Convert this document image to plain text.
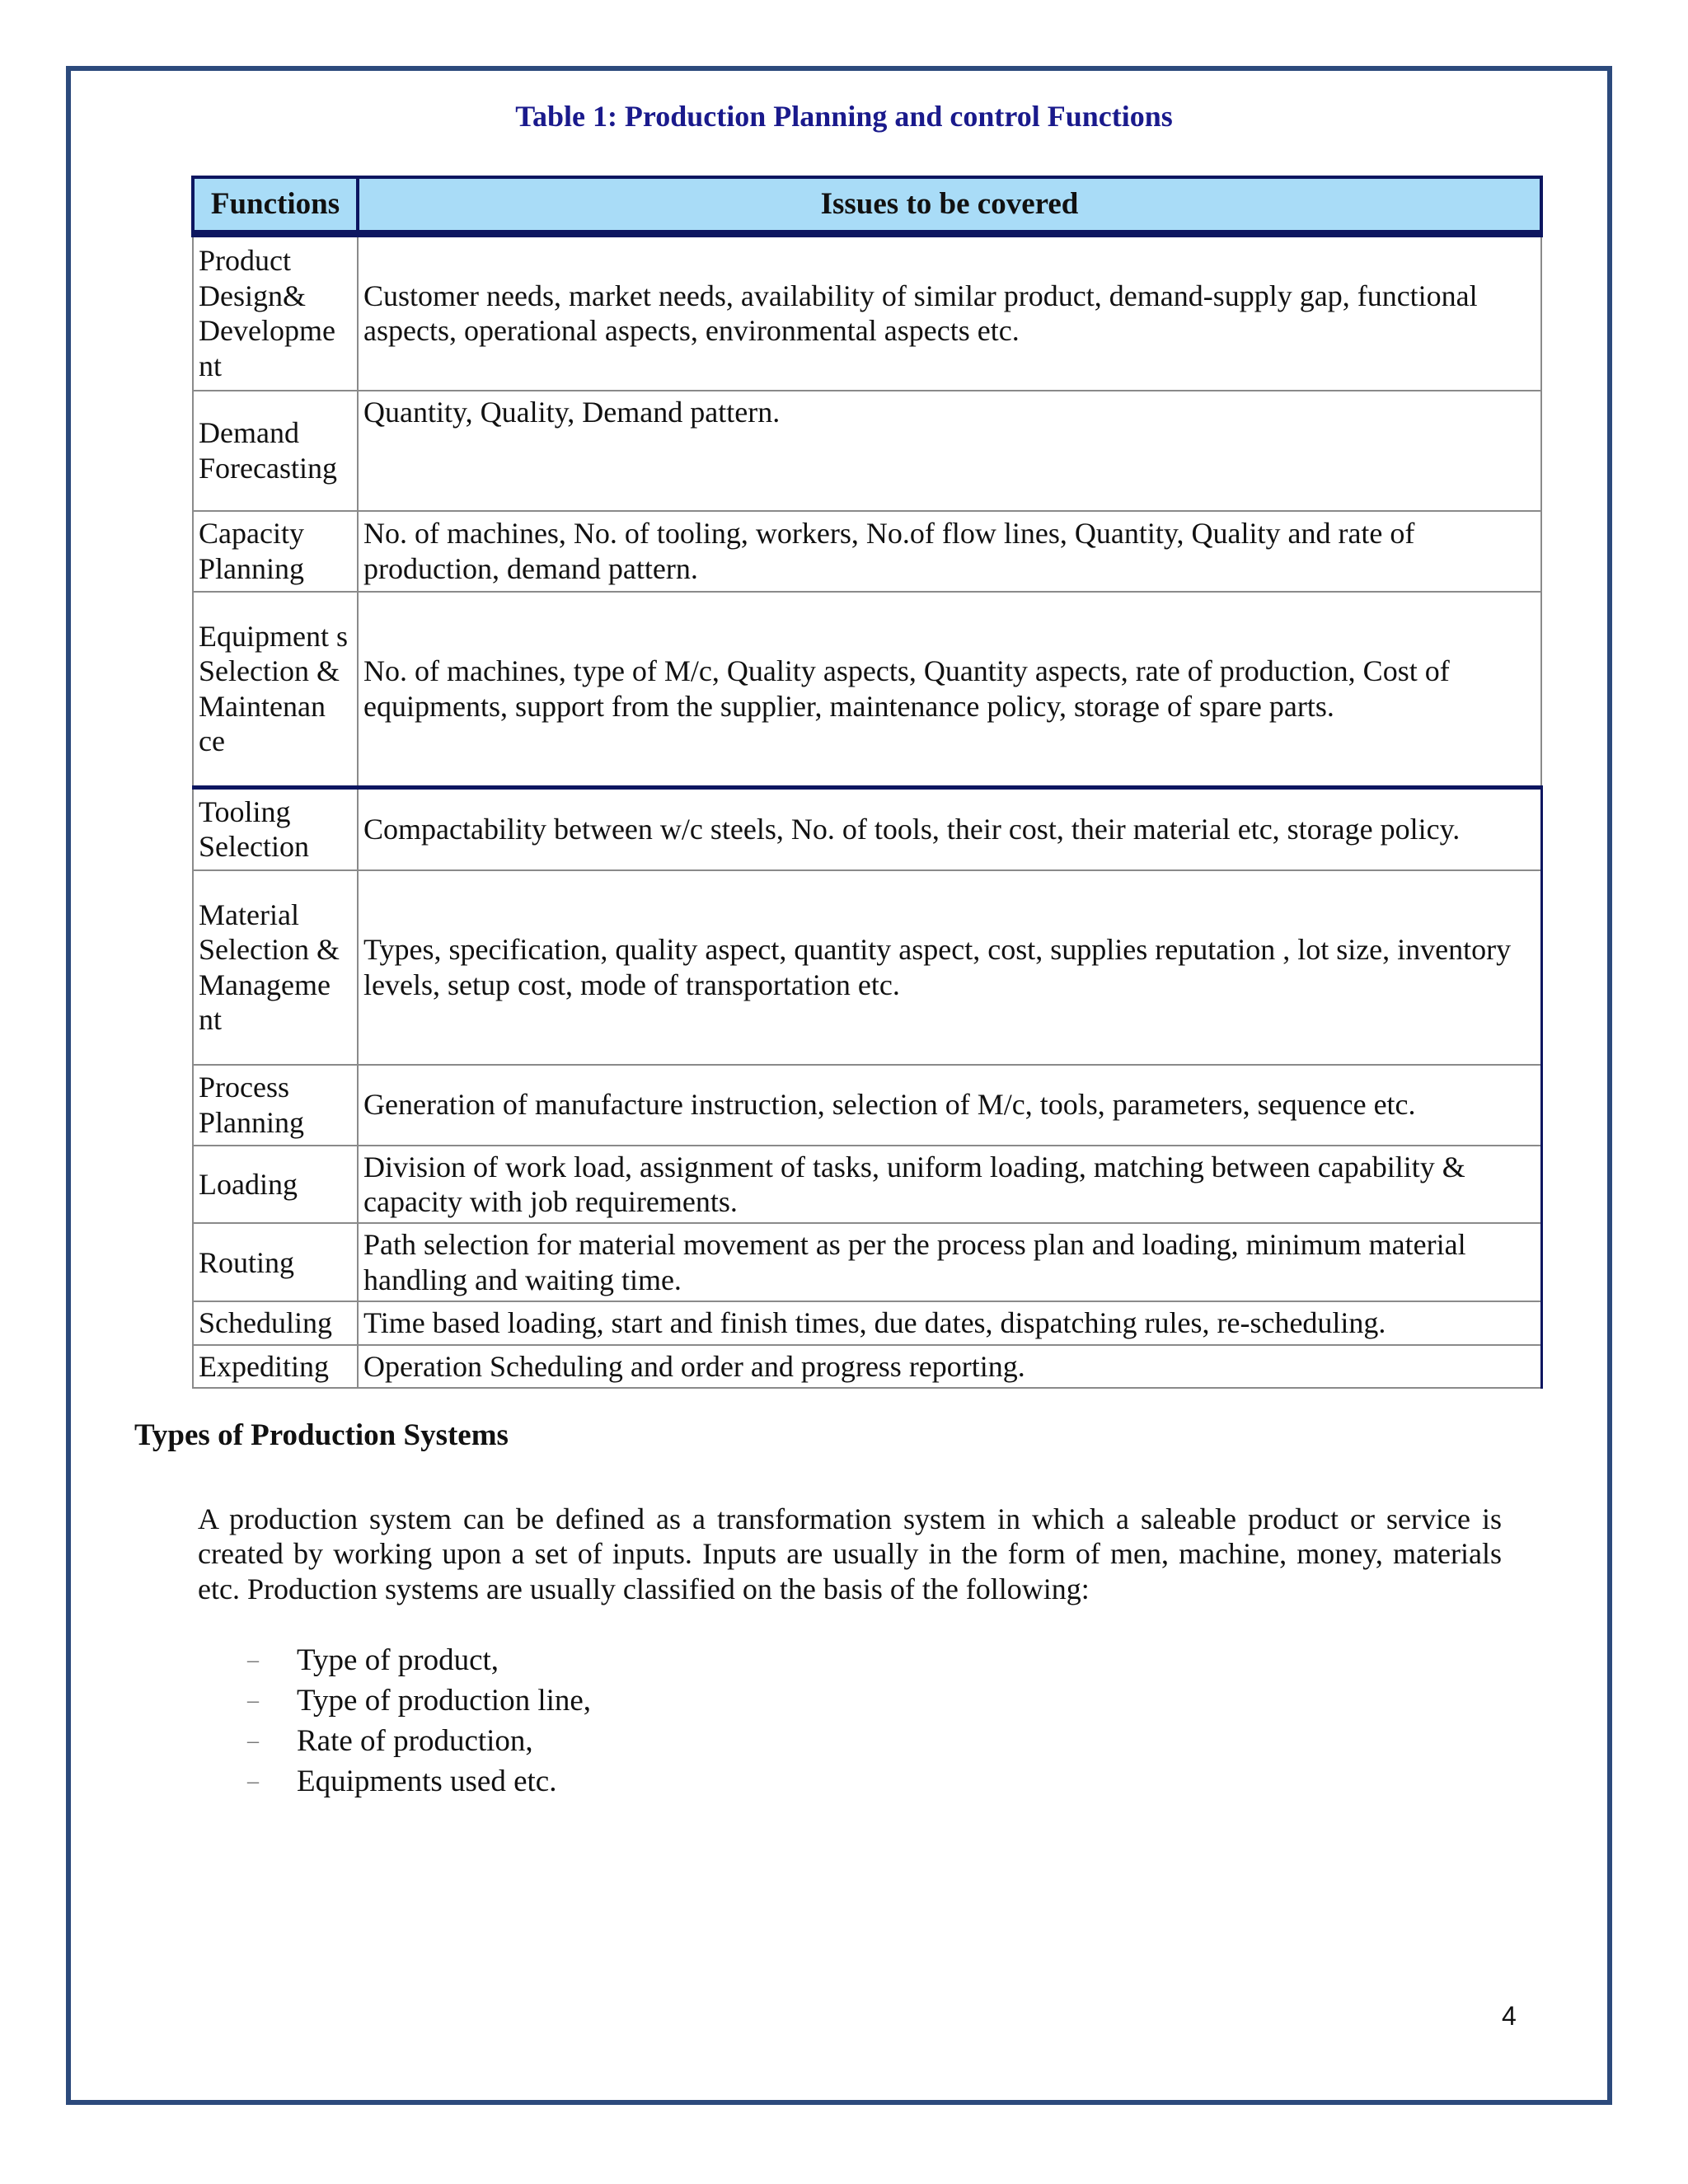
Table 1: Production Planning and control Functions
Functions	Issues to be covered
Product Design& Developme nt	Customer needs, market needs, availability of similar product, demand-supply gap, functional aspects, operational aspects, environmental aspects etc.
Demand Forecasting	Quantity, Quality, Demand pattern.
Capacity Planning	No. of machines, No. of tooling, workers, No.of flow lines, Quantity, Quality and rate of production, demand pattern.
Equipment s Selection & Maintenan ce	No. of machines, type of M/c, Quality aspects, Quantity aspects, rate of production, Cost of equipments, support from the supplier, maintenance policy, storage of spare parts.
Tooling Selection	Compactability between w/c steels, No. of tools, their cost, their material etc, storage policy.
Material Selection & Manageme nt	Types, specification, quality aspect, quantity aspect, cost, supplies reputation , lot size, inventory levels, setup cost, mode of transportation etc.
Process Planning	Generation of manufacture instruction, selection of M/c, tools, parameters, sequence etc.
Loading	Division of work load, assignment of tasks, uniform loading, matching between capability & capacity with job requirements.
Routing	Path selection for material movement as per the process plan and loading, minimum material handling and waiting time.
Scheduling	Time based loading, start and finish times, due dates, dispatching rules, re-scheduling.
Expediting	Operation Scheduling and order and progress reporting.
Types of Production Systems
A production system can be defined as a transformation system in which a saleable product or service is created by working upon a set of inputs. Inputs are usually in the form of men, machine, money, materials etc. Production systems are usually classified on the basis of the following:
– Type of product,
– Type of production line,
– Rate of production,
– Equipments used etc.
4
